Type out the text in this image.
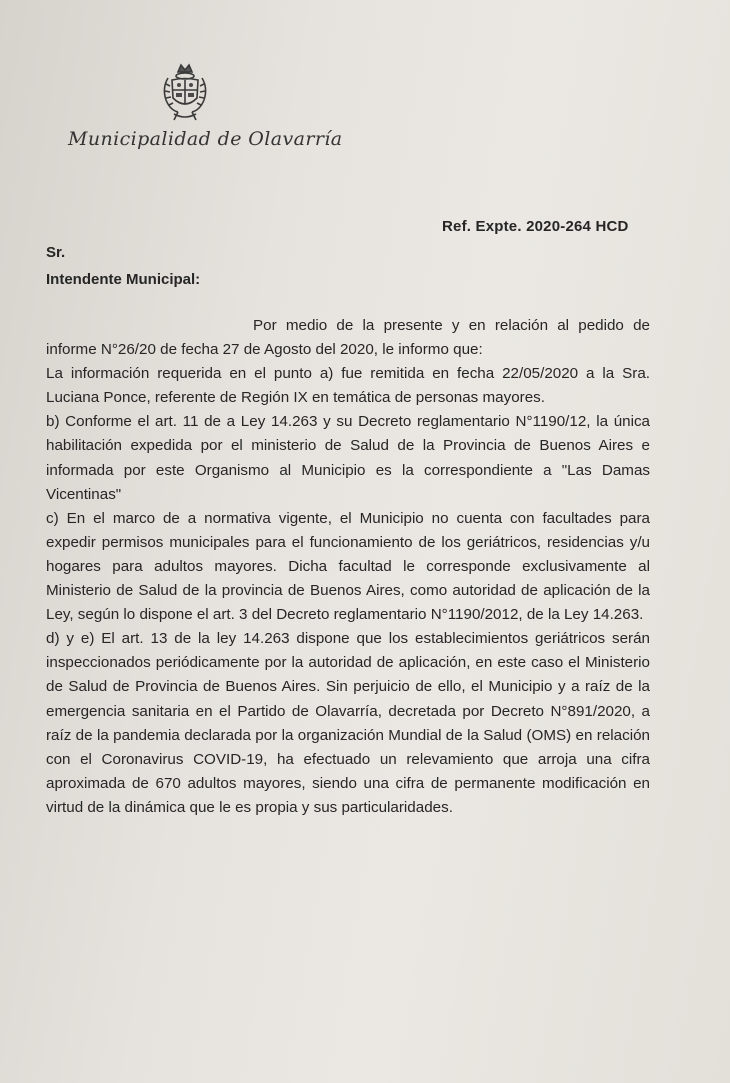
Municipalidad de Olavarría
Ref. Expte. 2020-264 HCD
Sr.
Intendente Municipal:

Por medio de la presente y en relación al pedido de informe N°26/20 de fecha 27 de Agosto del 2020, le informo que:

La información requerida en el punto a) fue remitida en fecha 22/05/2020 a la Sra. Luciana Ponce, referente de Región IX en temática de personas mayores.

b) Conforme el art. 11 de a Ley 14.263 y su Decreto reglamentario N°1190/12, la única habilitación expedida por el ministerio de Salud de la Provincia de Buenos Aires e informada por este Organismo al Municipio es la correspondiente a "Las Damas Vicentinas"

c) En el marco de a normativa vigente, el Municipio no cuenta con facultades para expedir permisos municipales para el funcionamiento de los geriátricos, residencias y/u hogares para adultos mayores. Dicha facultad le corresponde exclusivamente al Ministerio de Salud de la provincia de Buenos Aires, como autoridad de aplicación de la Ley, según lo dispone el art. 3 del Decreto reglamentario N°1190/2012, de la Ley 14.263.

d) y e) El art. 13 de la ley 14.263 dispone que los establecimientos geriátricos serán inspeccionados periódicamente por la autoridad de aplicación, en este caso el Ministerio de Salud de Provincia de Buenos Aires. Sin perjuicio de ello, el Municipio y a raíz de la emergencia sanitaria en el Partido de Olavarría, decretada por Decreto N°891/2020, a raíz de la pandemia declarada por la organización Mundial de la Salud (OMS) en relación con el Coronavirus COVID-19, ha efectuado un relevamiento que arroja una cifra aproximada de 670 adultos mayores, siendo una cifra de permanente modificación en virtud de la dinámica que le es propia y sus particularidades.
